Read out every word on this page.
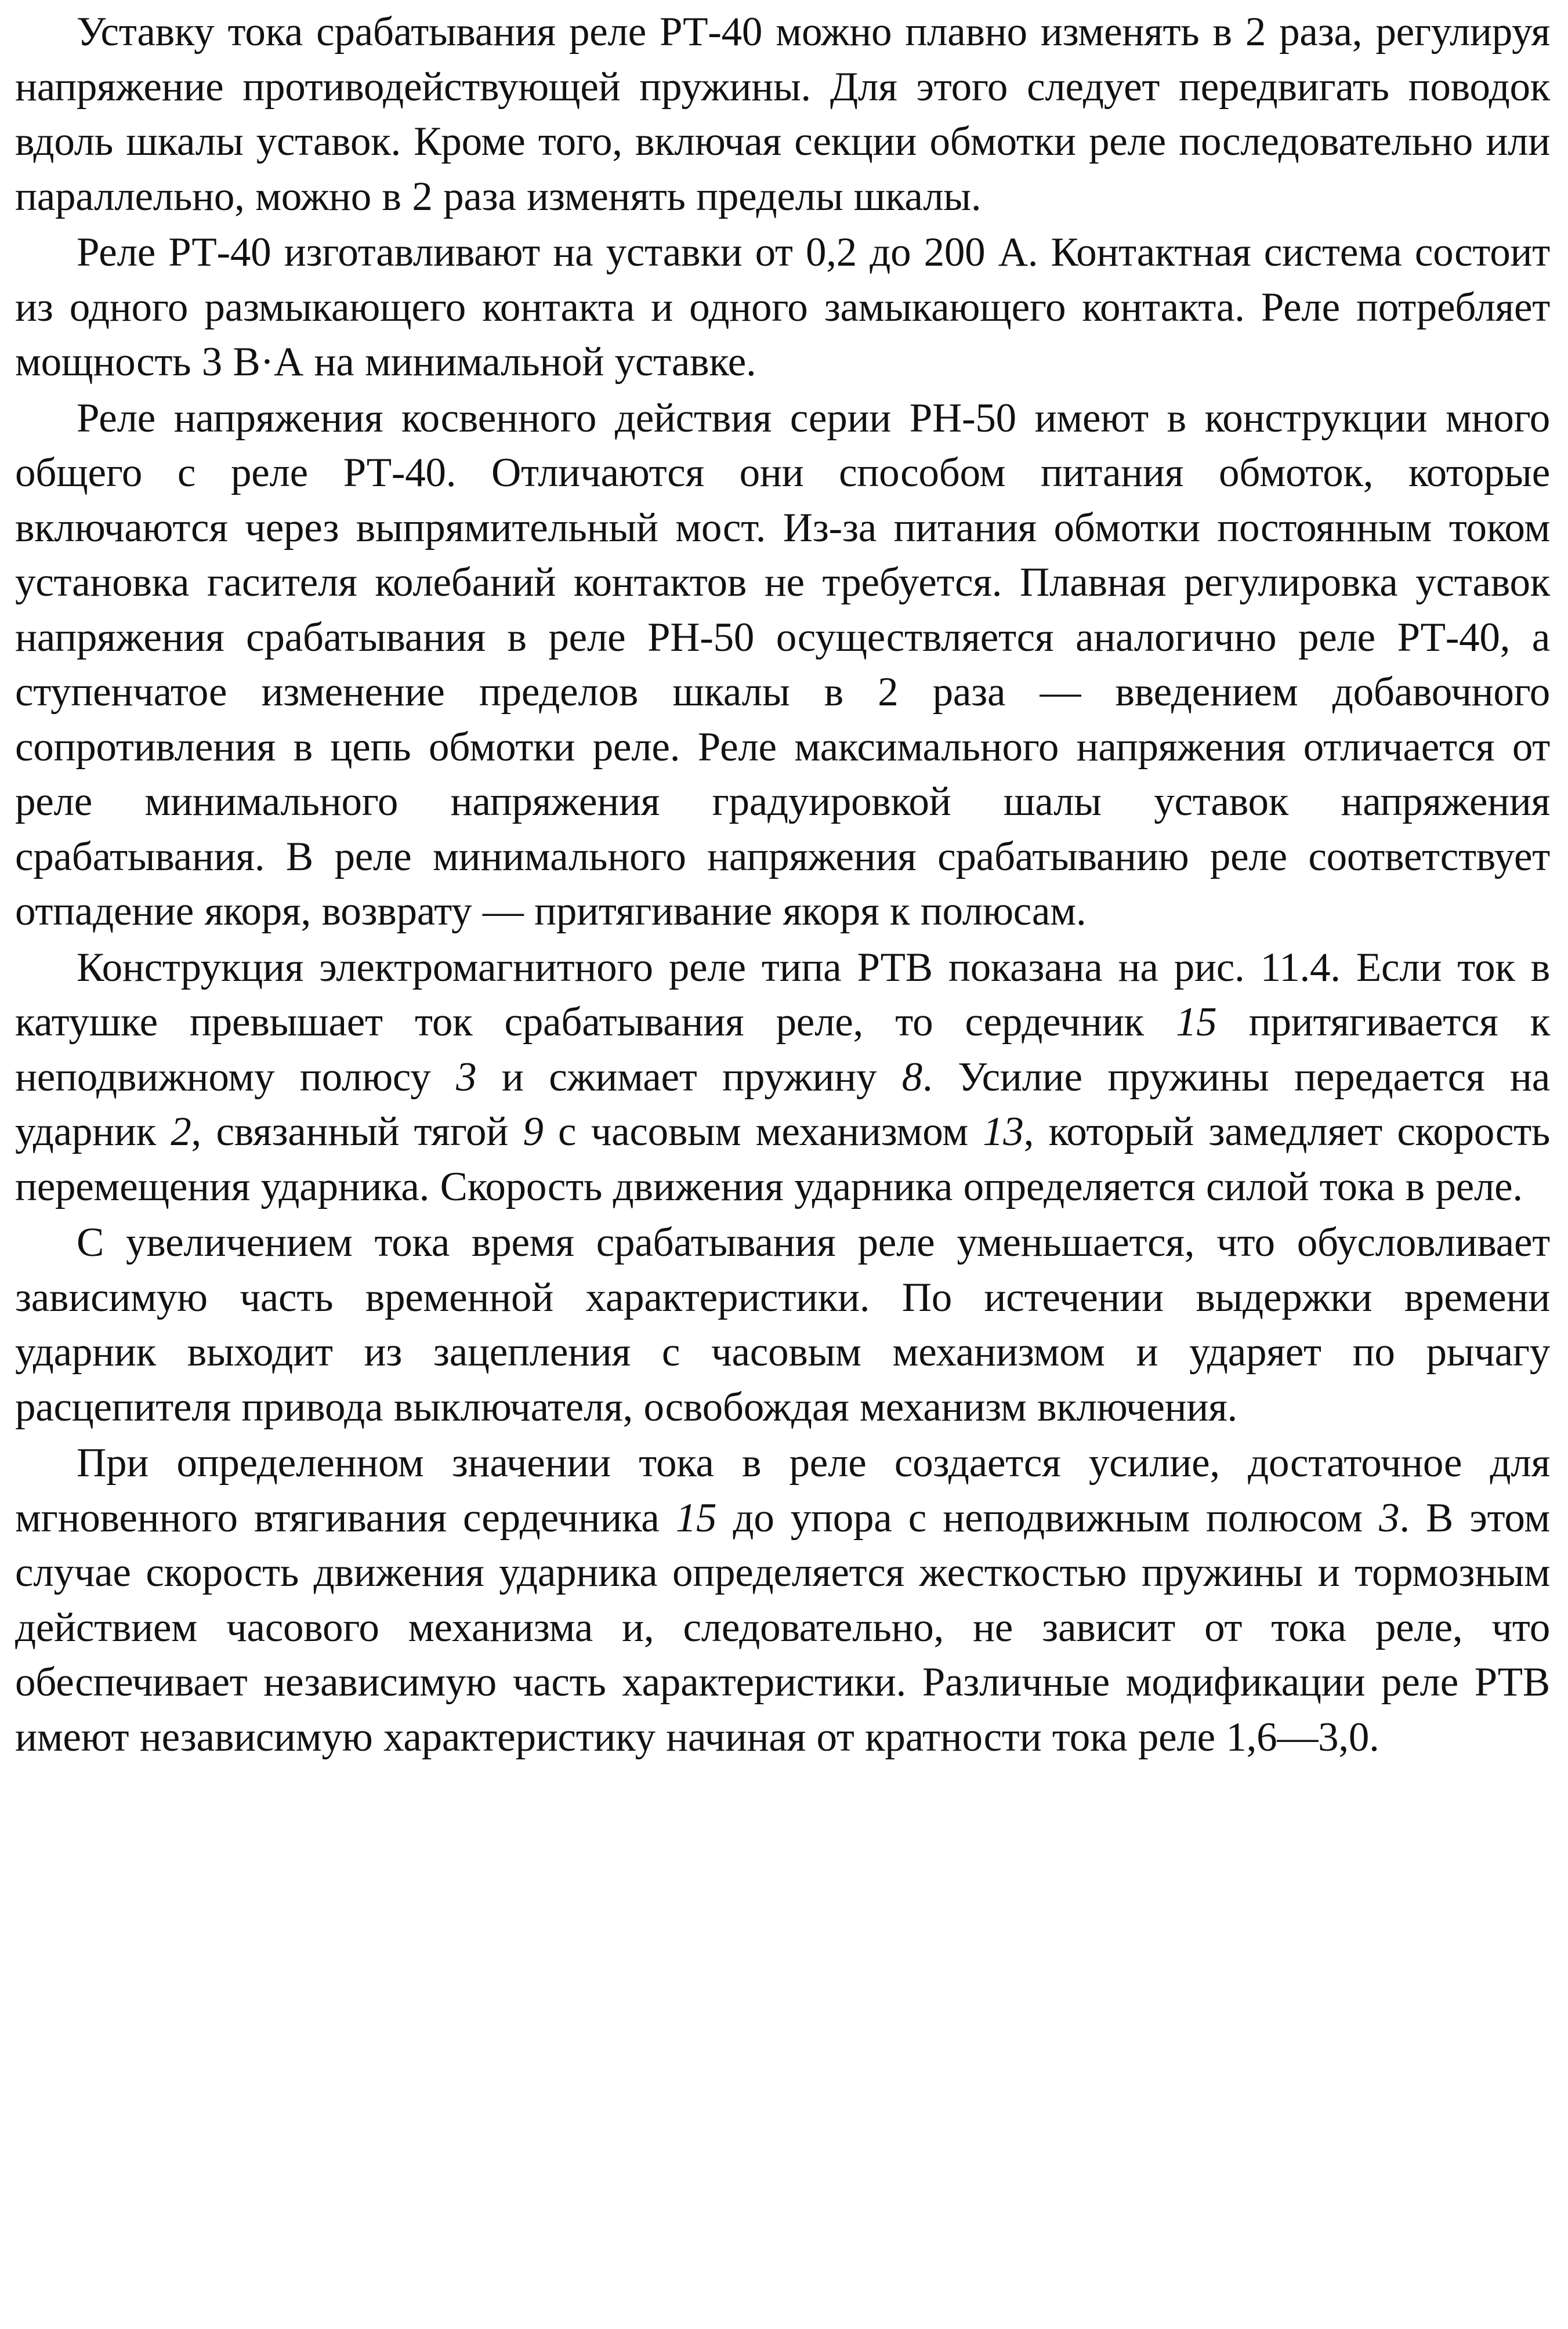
Уставку тока срабатывания реле РТ-40 можно плавно изменять в 2 раза, регулируя напряжение противодействующей пружины. Для этого следует передвигать поводок вдоль шкалы уставок. Кроме того, включая секции обмотки реле последовательно или параллельно, можно в 2 раза изменять пределы шкалы.

Реле РТ-40 изготавливают на уставки от 0,2 до 200 А. Контактная система состоит из одного размыкающего контакта и одного замыкающего контакта. Реле потребляет мощность 3 В·А на минимальной уставке.

Реле напряжения косвенного действия серии РН-50 имеют в конструкции много общего с реле РТ-40. Отличаются они способом питания обмоток, которые включаются через выпрямительный мост. Из-за питания обмотки постоянным током установка гасителя колебаний контактов не требуется. Плавная регулировка уставок напряжения срабатывания в реле РН-50 осуществляется аналогично реле РТ-40, а ступенчатое изменение пределов шкалы в 2 раза — введением добавочного сопротивления в цепь обмотки реле. Реле максимального напряжения отличается от реле минимального напряжения градуировкой шалы уставок напряжения срабатывания. В реле минимального напряжения срабатыванию реле соответствует отпадение якоря, возврату — притягивание якоря к полюсам.

Конструкция электромагнитного реле типа РТВ показана на рис. 11.4. Если ток в катушке превышает ток срабатывания реле, то сердечник 15 притягивается к неподвижному полюсу 3 и сжимает пружину 8. Усилие пружины передается на ударник 2, связанный тягой 9 с часовым механизмом 13, который замедляет скорость перемещения ударника. Скорость движения ударника определяется силой тока в реле.

С увеличением тока время срабатывания реле уменьшается, что обусловливает зависимую часть временной характеристики. По истечении выдержки времени ударник выходит из зацепления с часовым механизмом и ударяет по рычагу расцепителя привода выключателя, освобождая механизм включения.

При определенном значении тока в реле создается усилие, достаточное для мгновенного втягивания сердечника 15 до упора с неподвижным полюсом 3. В этом случае скорость движения ударника определяется жесткостью пружины и тормозным действием часового механизма и, следовательно, не зависит от тока реле, что обеспечивает независимую часть характеристики. Различные модификации реле РТВ имеют независимую характеристику начиная от кратности тока реле 1,6—3,0.
